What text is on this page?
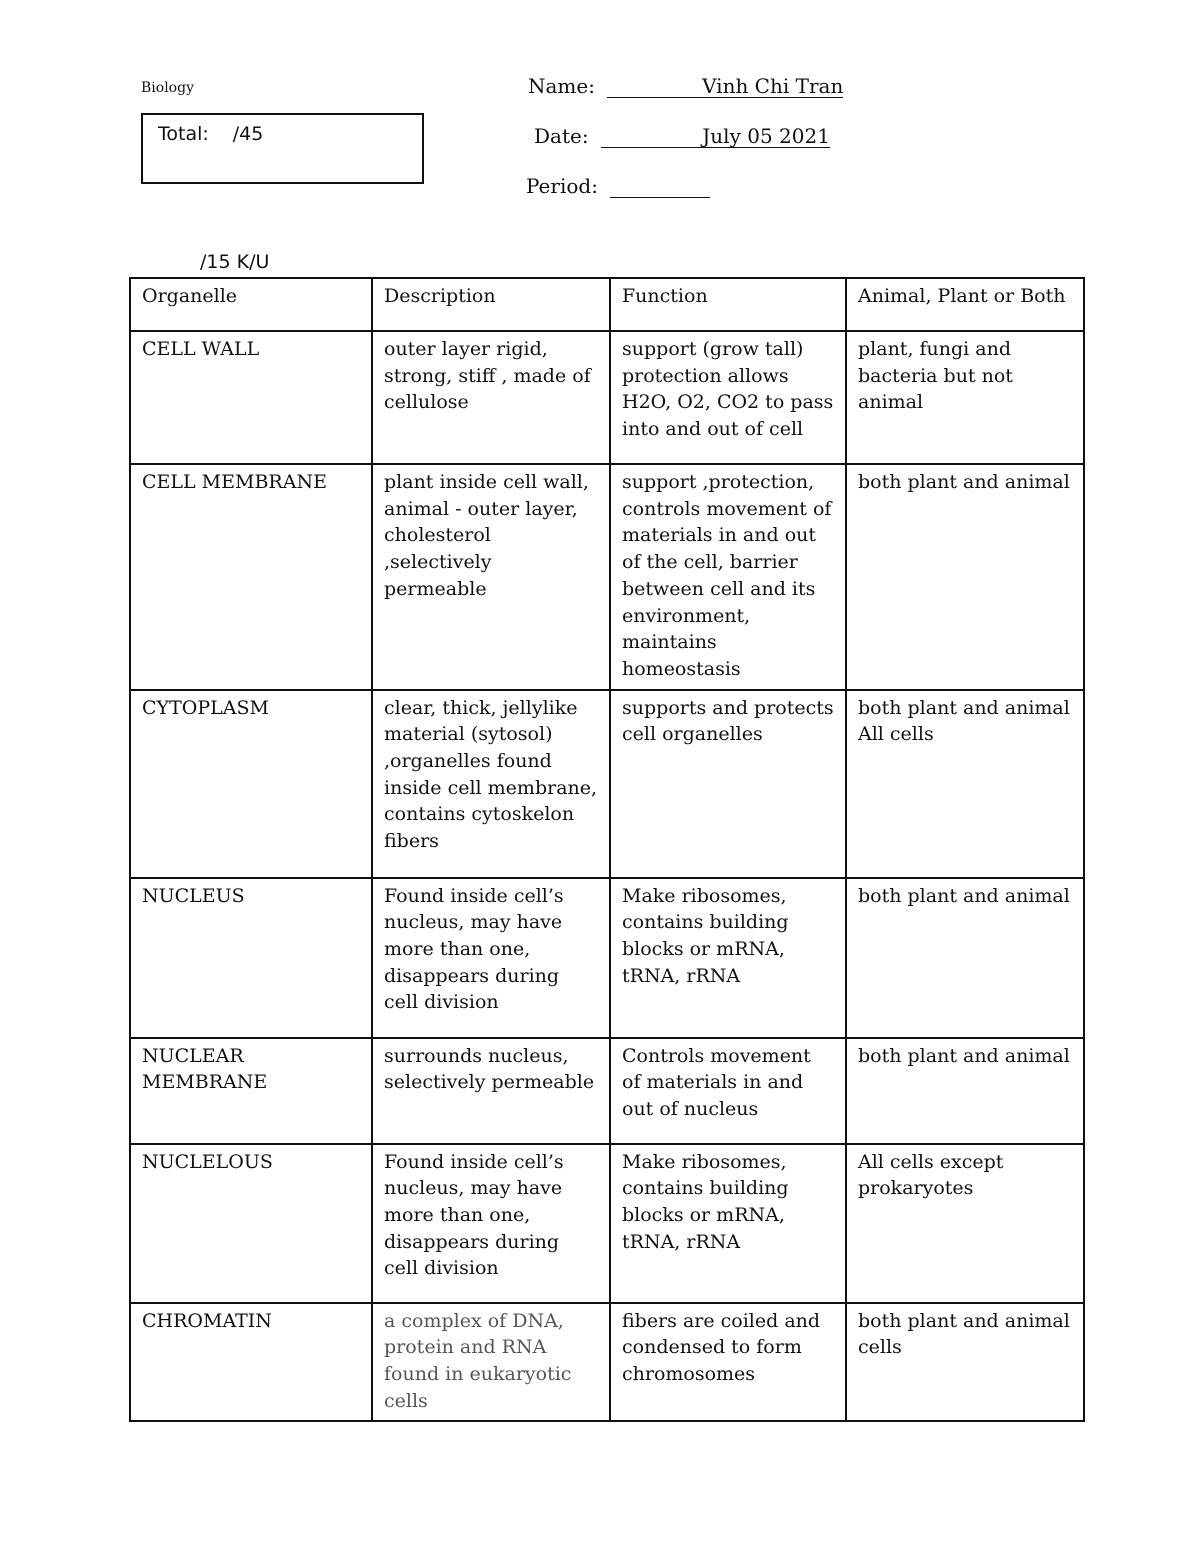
Biology
Total: /45
Name:	Vinh Chi Tran
Date:	July 05 2021
Period:
/15 K/U
Organelle	Description	Function	Animal, Plant or Both
CELL WALL	outer layer rigid, strong, stiff , made of cellulose	support (grow tall) protection allows H2O, O2, CO2 to pass into and out of cell	plant, fungi and bacteria but not animal
CELL MEMBRANE	plant inside cell wall, animal - outer layer, cholesterol ,selectively permeable	support ,protection, controls movement of materials in and out of the cell, barrier between cell and its environment, maintains homeostasis	both plant and animal
CYTOPLASM	clear, thick, jellylike material (sytosol) ,organelles found inside cell membrane, contains cytoskelon fibers	supports and protects cell organelles	both plant and animal All cells
NUCLEUS	Found inside cell’s nucleus, may have more than one, disappears during cell division	Make ribosomes, contains building blocks or mRNA, tRNA, rRNA	both plant and animal
NUCLEAR MEMBRANE	surrounds nucleus, selectively permeable	Controls movement of materials in and out of nucleus	both plant and animal
NUCLELOUS	Found inside cell’s nucleus, may have more than one, disappears during cell division	Make ribosomes, contains building blocks or mRNA, tRNA, rRNA	All cells except prokaryotes
CHROMATIN	a complex of DNA, protein and RNA found in eukaryotic cells	fibers are coiled and condensed to form chromosomes	both plant and animal cells
